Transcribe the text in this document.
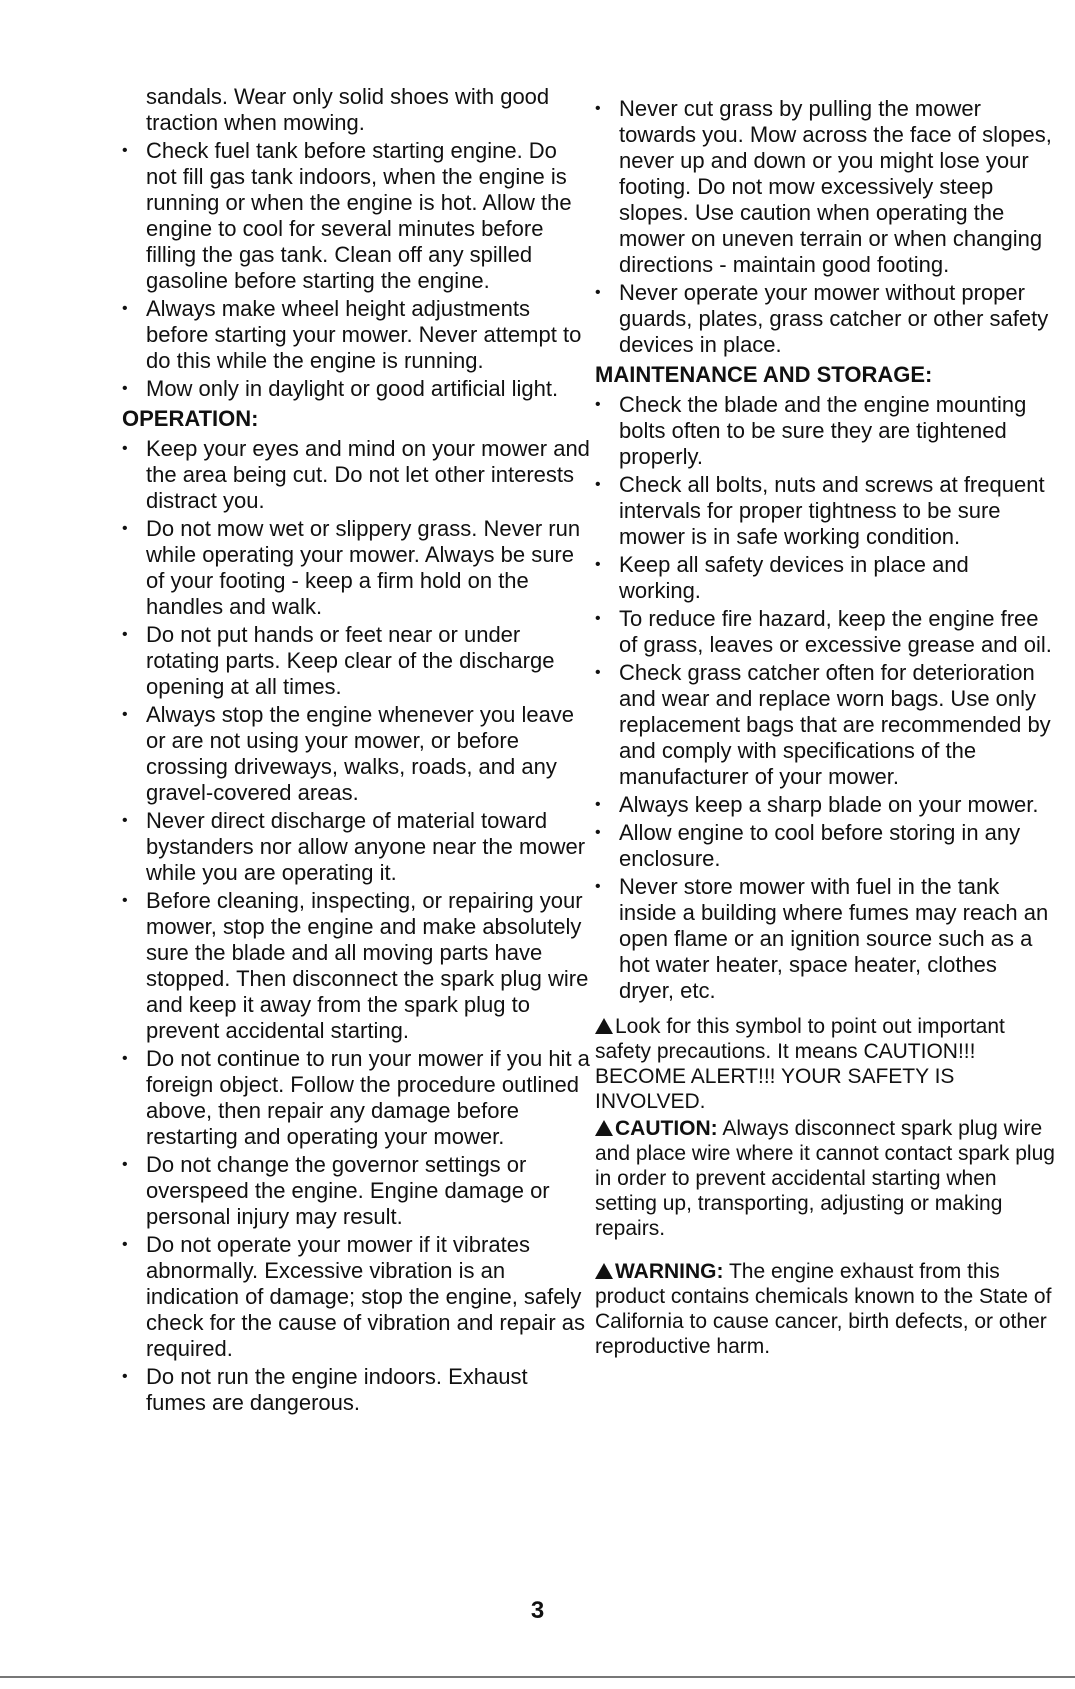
sandals. Wear only solid shoes with good traction when mowing.

• Check fuel tank before starting engine. Do not fill gas tank indoors, when the engine is running or when the engine is hot. Allow the engine to cool for several minutes before filling the gas tank. Clean off any spilled gasoline before starting the engine.
• Always make wheel height adjustments before starting your mower. Never attempt to do this while the engine is running.
• Mow only in daylight or good artificial light.
OPERATION:
• Keep your eyes and mind on your mower and the area being cut. Do not let other interests distract you.
• Do not mow wet or slippery grass. Never run while operating your mower. Always be sure of your footing - keep a firm hold on the handles and walk.
• Do not put hands or feet near or under rotating parts. Keep clear of the discharge opening at all times.
• Always stop the engine whenever you leave or are not using your mower, or before crossing driveways, walks, roads, and any gravel-covered areas.
• Never direct discharge of material toward bystanders nor allow anyone near the mower while you are operating it.
• Before cleaning, inspecting, or repairing your mower, stop the engine and make absolutely sure the blade and all moving parts have stopped. Then disconnect the spark plug wire and keep it away from the spark plug to prevent accidental starting.
• Do not continue to run your mower if you hit a foreign object. Follow the procedure outlined above, then repair any damage before restarting and operating your mower.
• Do not change the governor settings or overspeed the engine. Engine damage or personal injury may result.
• Do not operate your mower if it vibrates abnormally. Excessive vibration is an indication of damage; stop the engine, safely check for the cause of vibration and repair as required.
• Do not run the engine indoors. Exhaust fumes are dangerous.
• Never cut grass by pulling the mower towards you. Mow across the face of slopes, never up and down or you might lose your footing. Do not mow excessively steep slopes. Use caution when operating the mower on uneven terrain or when changing directions - maintain good footing.
• Never operate your mower without proper guards, plates, grass catcher or other safety devices in place.
MAINTENANCE AND STORAGE:
• Check the blade and the engine mounting bolts often to be sure they are tightened properly.
• Check all bolts, nuts and screws at frequent intervals for proper tightness to be sure mower is in safe working condition.
• Keep all safety devices in place and working.
• To reduce fire hazard, keep the engine free of grass, leaves or excessive grease and oil.
• Check grass catcher often for deterioration and wear and replace worn bags. Use only replacement bags that are recommended by and comply with specifications of the manufacturer of your mower.
• Always keep a sharp blade on your mower.
• Allow engine to cool before storing in any enclosure.
• Never store mower with fuel in the tank inside a building where fumes may reach an open flame or an ignition source such as a hot water heater, space heater, clothes dryer, etc.

Look for this symbol to point out important safety precautions. It means CAUTION!!! BECOME ALERT!!! YOUR SAFETY IS INVOLVED.

CAUTION: Always disconnect spark plug wire and place wire where it cannot contact spark plug in order to prevent accidental starting when setting up, transporting, adjusting or making repairs.

WARNING: The engine exhaust from this product contains chemicals known to the State of California to cause cancer, birth defects, or other reproductive harm.

3
